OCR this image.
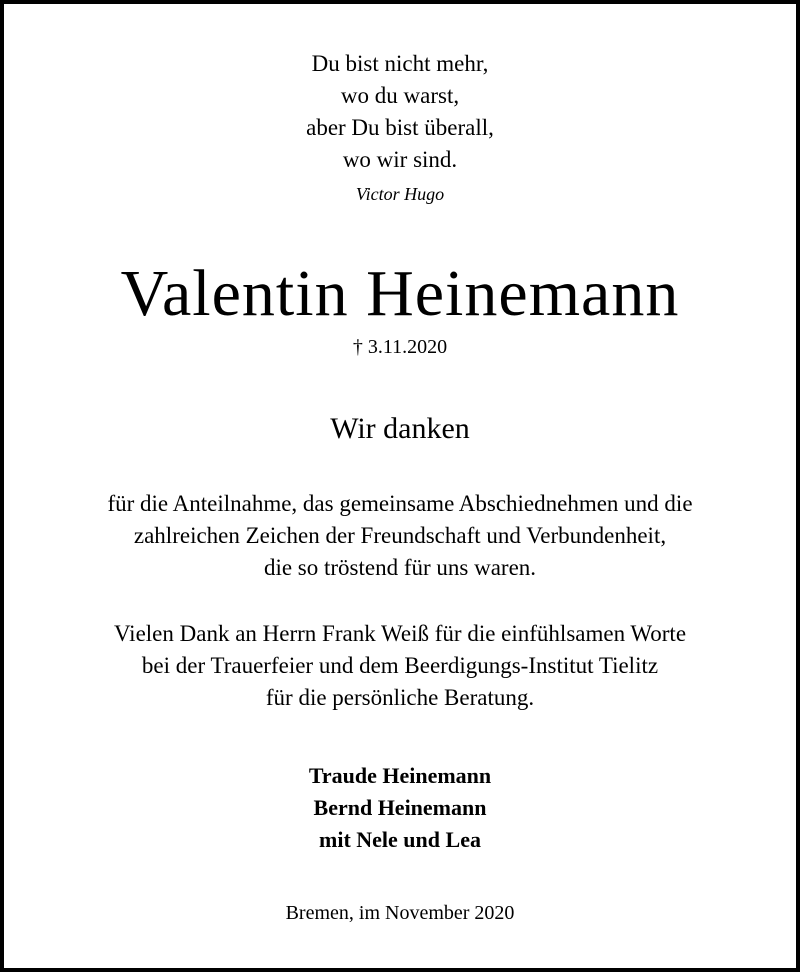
Du bist nicht mehr,
wo du warst,
aber Du bist überall,
wo wir sind.
Victor Hugo
Valentin Heinemann
† 3.11.2020
Wir danken
für die Anteilnahme, das gemeinsame Abschiednehmen und die
zahlreichen Zeichen der Freundschaft und Verbundenheit,
die so tröstend für uns waren.
Vielen Dank an Herrn Frank Weiß für die einfühlsamen Worte
bei der Trauerfeier und dem Beerdigungs-Institut Tielitz
für die persönliche Beratung.
Traude Heinemann
Bernd Heinemann
mit Nele und Lea
Bremen, im November 2020
